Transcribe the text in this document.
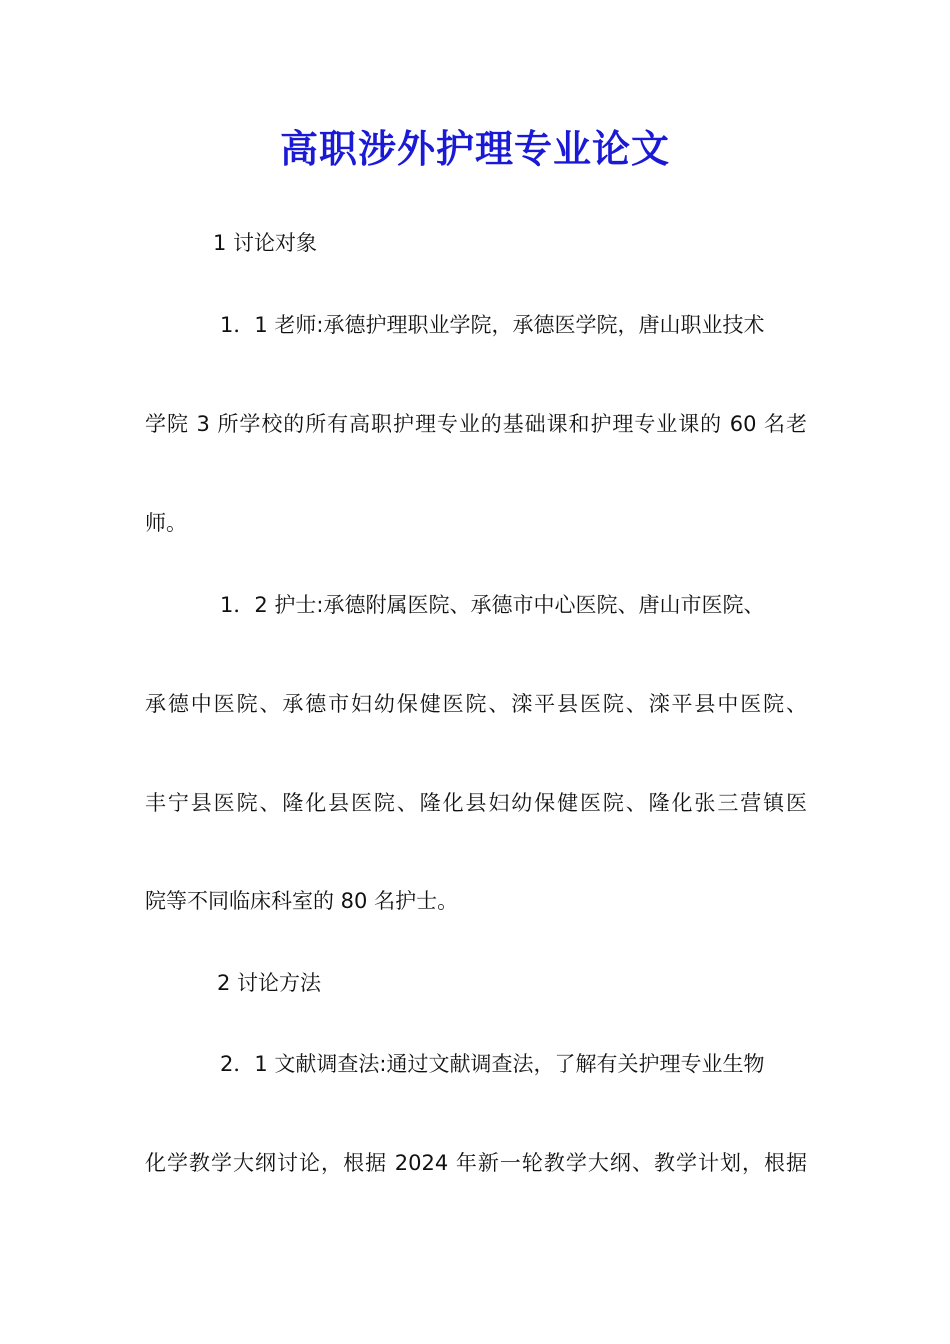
高职涉外护理专业论文
1 讨论对象
1．1 老师:承德护理职业学院，承德医学院，唐山职业技术
学院 3 所学校的所有高职护理专业的基础课和护理专业课的 60 名老
师。
1．2 护士:承德附属医院、承德市中心医院、唐山市医院、
承德中医院、承德市妇幼保健医院、滦平县医院、滦平县中医院、
丰宁县医院、隆化县医院、隆化县妇幼保健医院、隆化张三营镇医
院等不同临床科室的 80 名护士。
2 讨论方法
2．1 文献调查法:通过文献调查法，了解有关护理专业生物
化学教学大纲讨论，根据 2024 年新一轮教学大纲、教学计划，根据
